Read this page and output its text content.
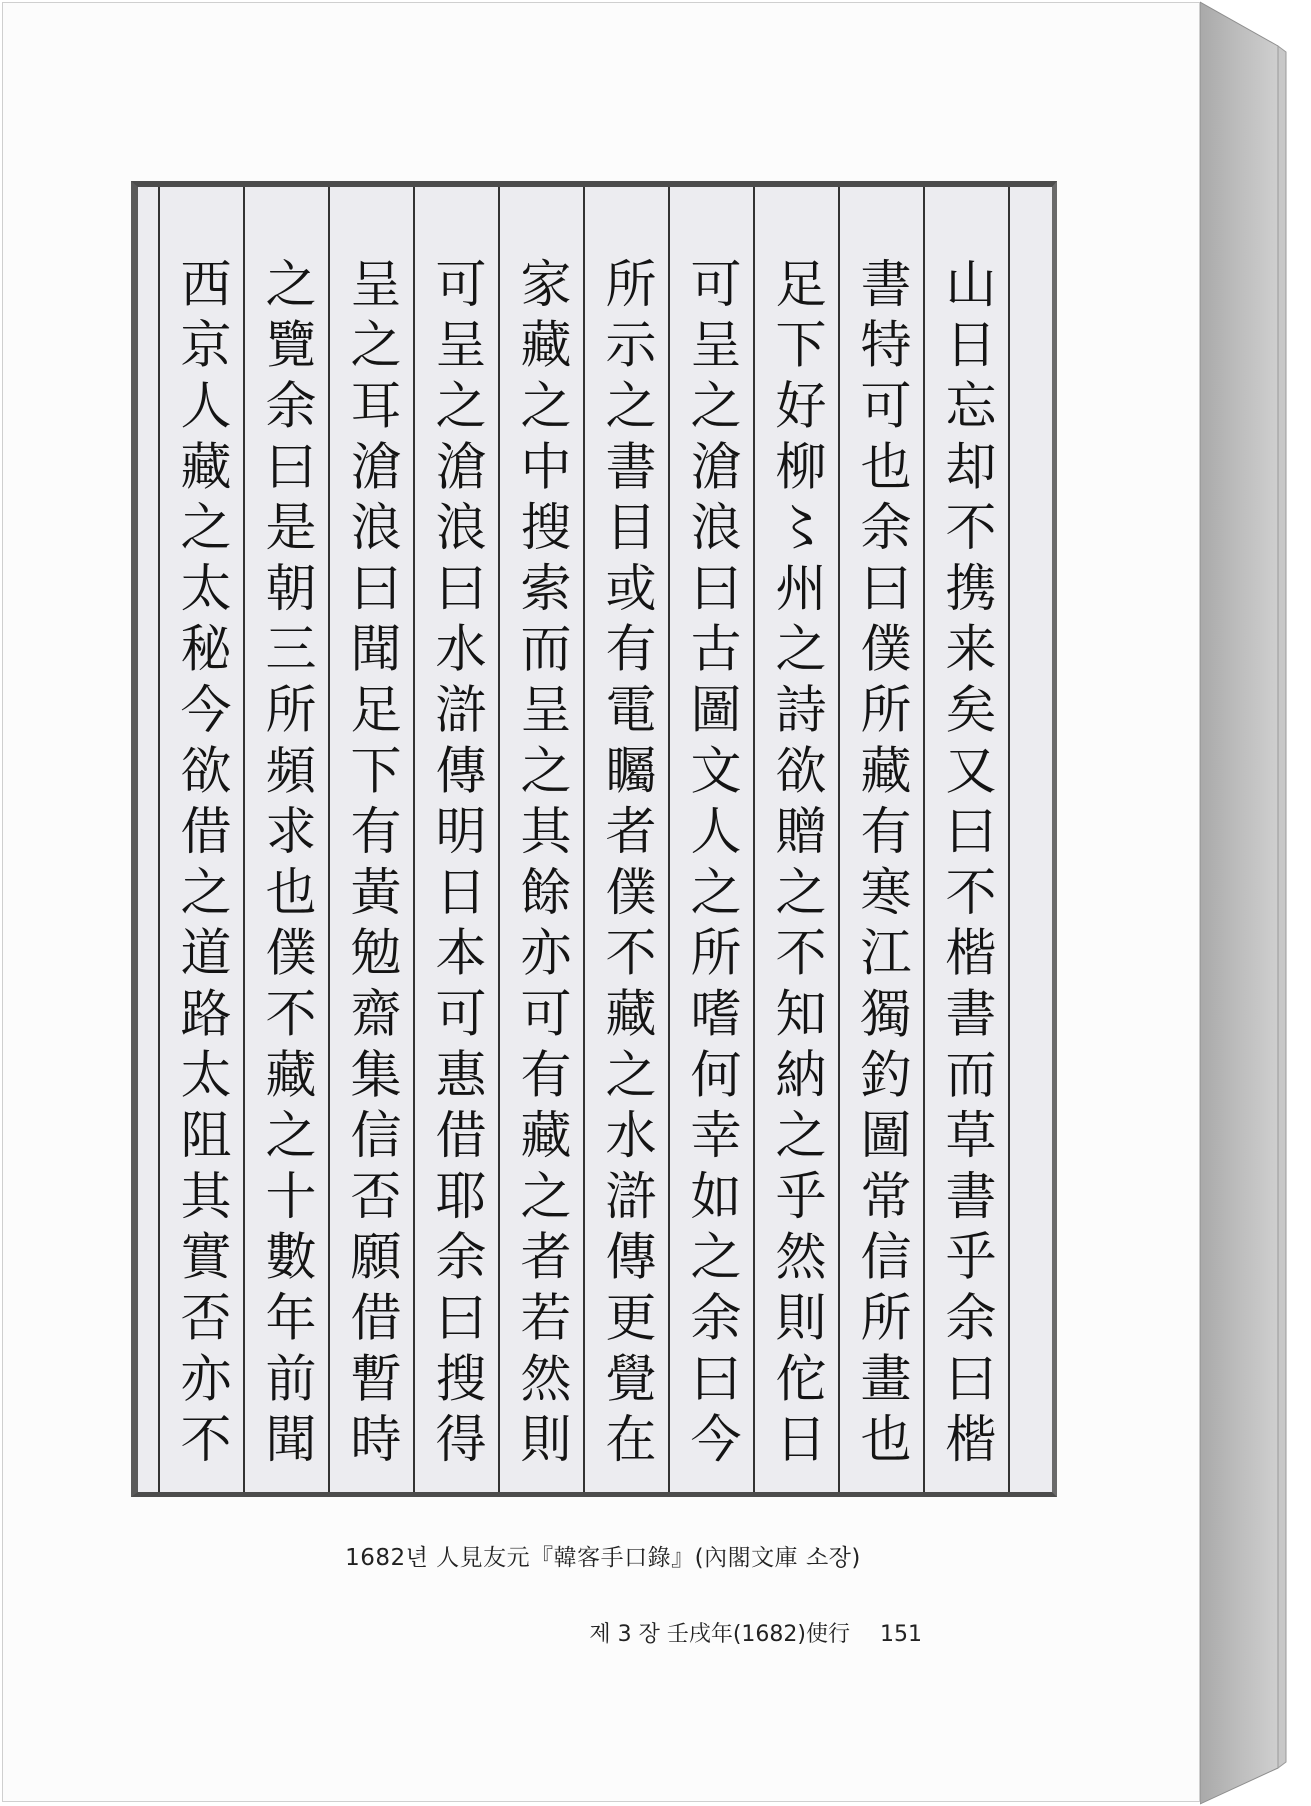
山日忘却不携来矣又曰不楷書而草書乎余曰楷
書特可也余曰僕所藏有寒江獨釣圖常信所畫也
足下好柳〻州之詩欲贈之不知納之乎然則佗日
可呈之滄浪曰古圖文人之所嗜何幸如之余曰今
所示之書目或有電矚者僕不藏之水滸傳更覺在
家藏之中搜索而呈之其餘亦可有藏之者若然則
可呈之滄浪曰水滸傳明日本可惠借耶余曰搜得
呈之耳滄浪曰聞足下有黃勉齋集信否願借暫時
之覽余曰是朝三所頻求也僕不藏之十數年前聞
西京人藏之太秘今欲借之道路太阻其實否亦不
1682년 人見友元『韓客手口錄』(內閣文庫 소장)
제 3 장 壬戌年(1682)使行 151
